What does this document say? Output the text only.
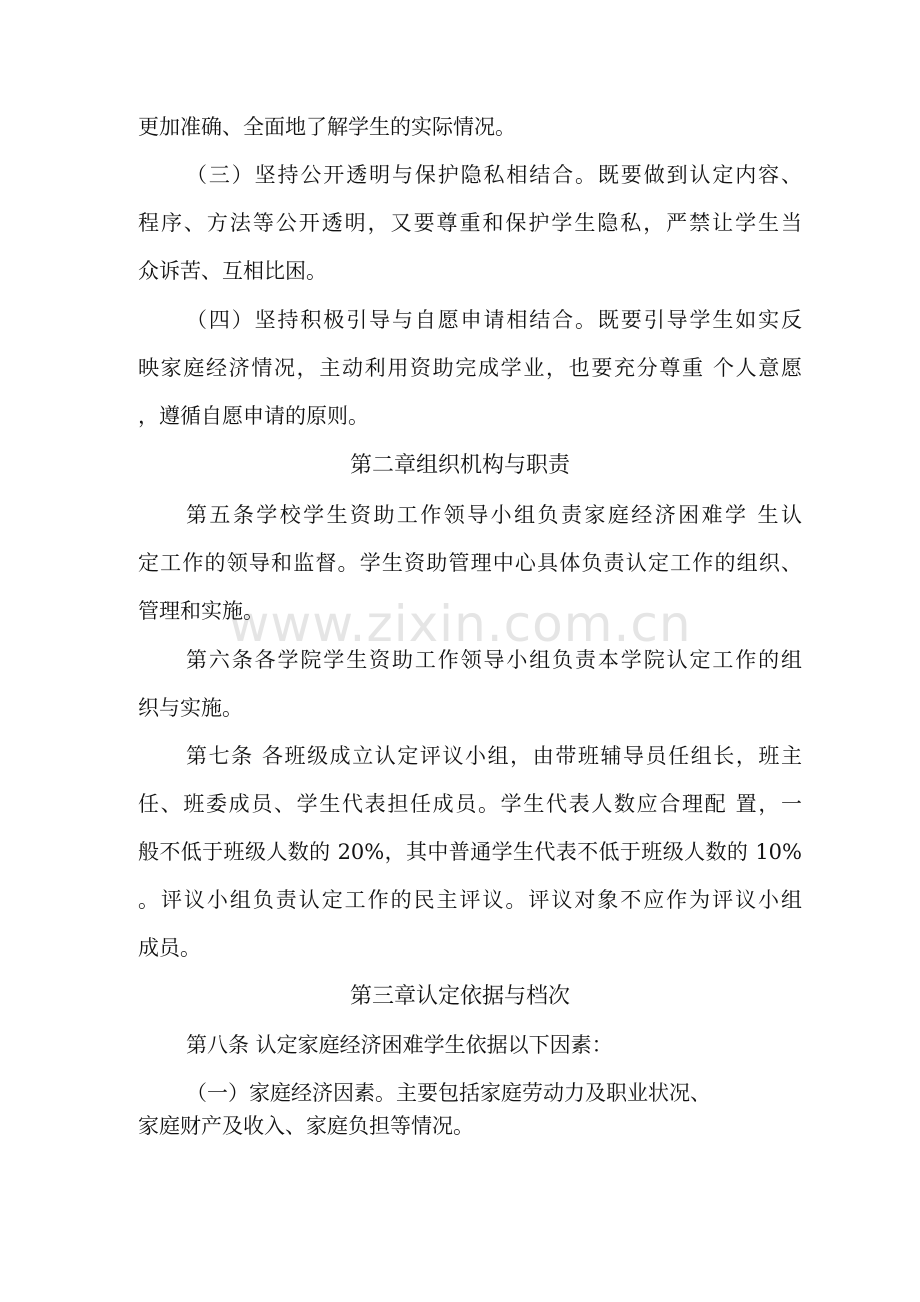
www.zixin.com.cn
更加准确、全面地了解学生的实际情况。
（三）坚持公开透明与保护隐私相结合。既要做到认定内容、
程序、方法等公开透明，又要尊重和保护学生隐私，严禁让学生当
众诉苦、互相比困。
（四）坚持积极引导与自愿申请相结合。既要引导学生如实反
映家庭经济情况，主动利用资助完成学业，也要充分尊重 个人意愿
，遵循自愿申请的原则。
第二章组织机构与职责
第五条学校学生资助工作领导小组负责家庭经济困难学 生认
定工作的领导和监督。学生资助管理中心具体负责认定工作的组织、
管理和实施。
第六条各学院学生资助工作领导小组负责本学院认定工作的组
织与实施。
第七条 各班级成立认定评议小组，由带班辅导员任组长，班主
任、班委成员、学生代表担任成员。学生代表人数应合理配 置，一
般不低于班级人数的 20%，其中普通学生代表不低于班级人数的 10%
。评议小组负责认定工作的民主评议。评议对象不应作为评议小组
成员。
第三章认定依据与档次
第八条 认定家庭经济困难学生依据以下因素：
（一）家庭经济因素。主要包括家庭劳动力及职业状况、
家庭财产及收入、家庭负担等情况。
